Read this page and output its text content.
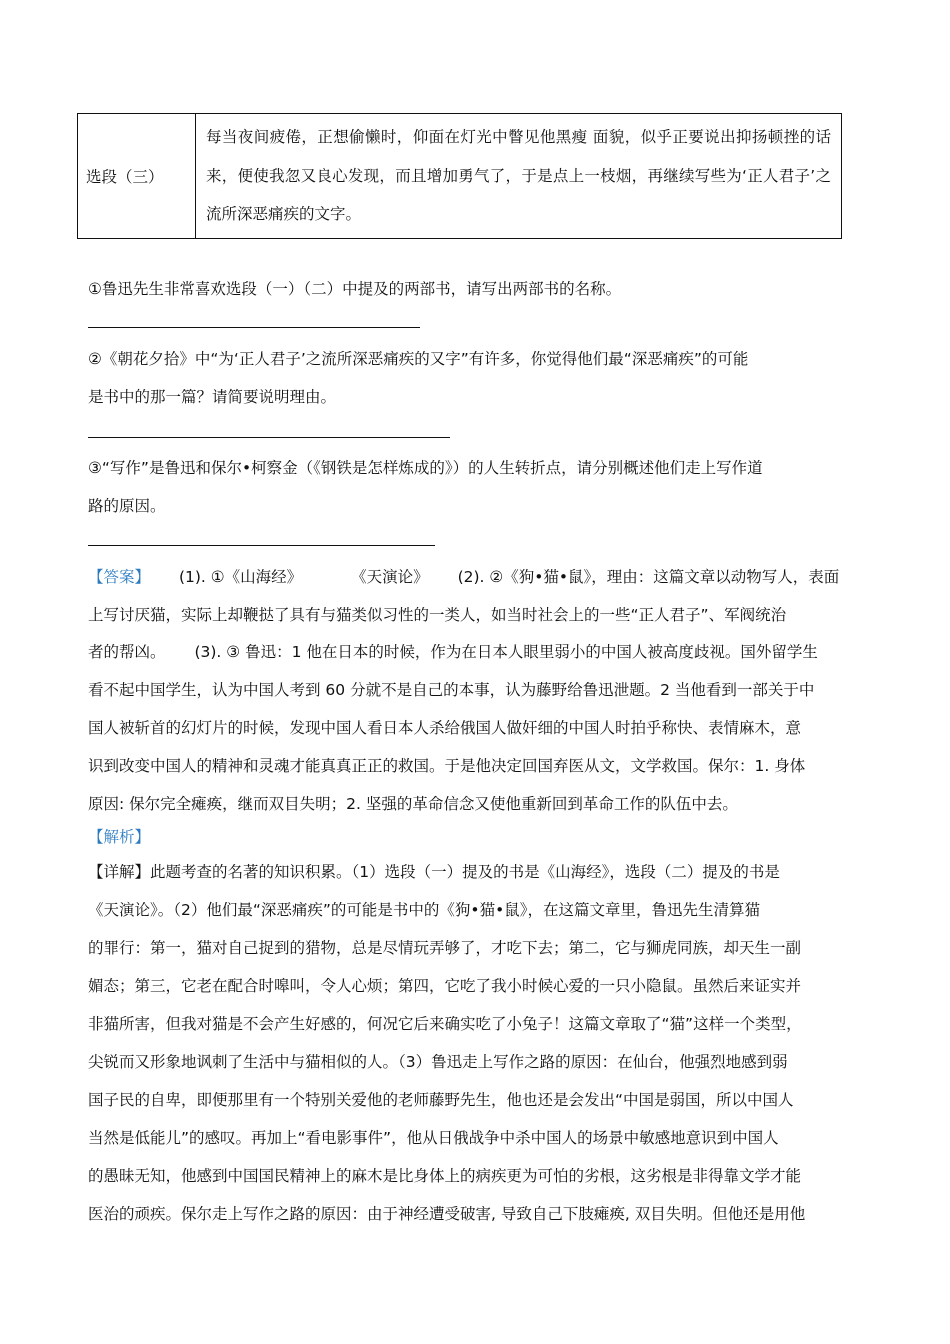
选段（三）	每当夜间疲倦，正想偷懒时，仰面在灯光中瞥见他黑瘦 面貌，似乎正要说出抑扬顿挫的话来，便使我忽又良心发现，而且增加勇气了，于是点上一枝烟，再继续写些为‘正人君子’之流所深恶痛疾的文字。
①鲁迅先生非常喜欢选段（一）（二）中提及的两部书，请写出两部书的名称。
②《朝花夕拾》中“为‘正人君子’之流所深恶痛疾的又字”有许多，你觉得他们最“深恶痛疾”的可能
是书中的那一篇？请简要说明理由。
③“写作”是鲁迅和保尔•柯察金（《钢铁是怎样炼成的》）的人生转折点，请分别概述他们走上写作道
路的原因。
【答案】 (1). ①《山海经》	《天演论》 (2). ②《狗•猫•鼠》，理由：这篇文章以动物写人，表面
上写讨厌猫，实际上却鞭挞了具有与猫类似习性的一类人，如当时社会上的一些“正人君子”、军阀统治
者的帮凶。 (3). ③ 鲁迅：1 他在日本的时候，作为在日本人眼里弱小的中国人被高度歧视。国外留学生
看不起中国学生，认为中国人考到 60 分就不是自己的本事，认为藤野给鲁迅泄题。2 当他看到一部关于中
国人被斩首的幻灯片的时候，发现中国人看日本人杀给俄国人做奸细的中国人时拍乎称快、表情麻木，意
识到改变中国人的精神和灵魂才能真真正正的救国。于是他决定回国弃医从文，文学救国。保尔：1. 身体
原因: 保尔完全瘫痪，继而双目失明；2. 坚强的革命信念又使他重新回到革命工作的队伍中去。
【解析】
【详解】此题考查的名著的知识积累。（1）选段（一）提及的书是《山海经》，选段（二）提及的书是
《天演论》。（2）他们最“深恶痛疾”的可能是书中的《狗•猫•鼠》，在这篇文章里，鲁迅先生清算猫
的罪行：第一，猫对自己捉到的猎物，总是尽情玩弄够了，才吃下去；第二，它与狮虎同族，却天生一副
媚态；第三，它老在配合时嗥叫，令人心烦；第四，它吃了我小时候心爱的一只小隐鼠。虽然后来证实并
非猫所害，但我对猫是不会产生好感的，何况它后来确实吃了小兔子！这篇文章取了“猫”这样一个类型，
尖锐而又形象地讽刺了生活中与猫相似的人。（3）鲁迅走上写作之路的原因：在仙台，他强烈地感到弱
国子民的自卑，即便那里有一个特别关爱他的老师藤野先生，他也还是会发出“中国是弱国，所以中国人
当然是低能儿”的感叹。再加上“看电影事件”，他从日俄战争中杀中国人的场景中敏感地意识到中国人
的愚昧无知，他感到中国国民精神上的麻木是比身体上的病疾更为可怕的劣根，这劣根是非得靠文学才能
医治的顽疾。保尔走上写作之路的原因：由于神经遭受破害, 导致自己下肢瘫痪, 双目失明。但他还是用他
